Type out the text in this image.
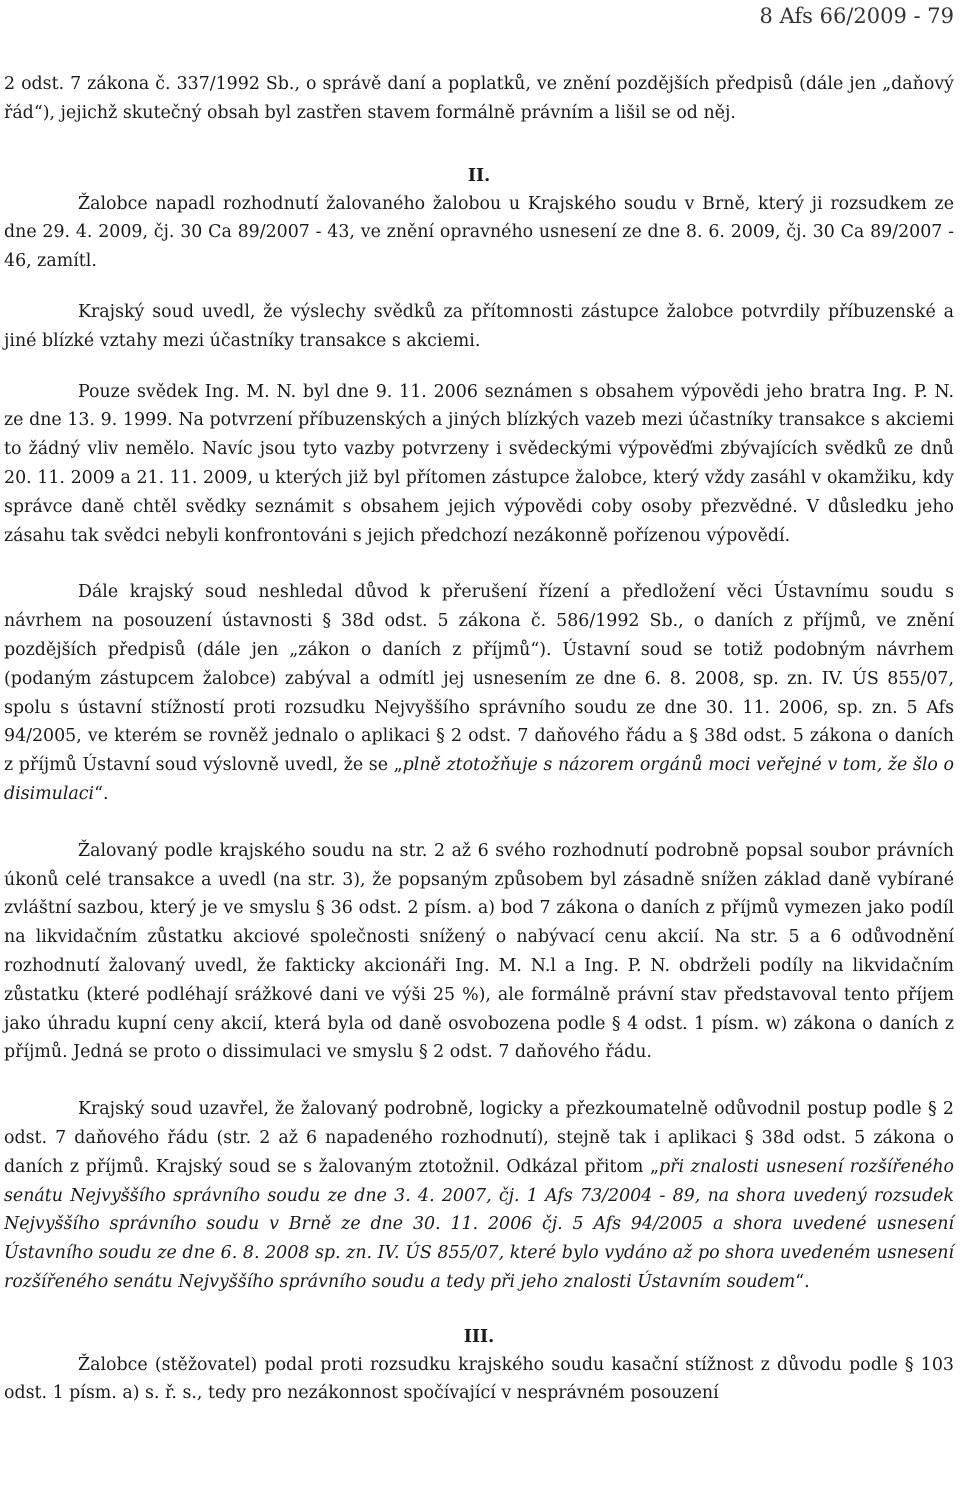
8 Afs 66/2009 - 79

2 odst. 7 zákona č. 337/1992 Sb., o správě daní a poplatků, ve znění pozdějších předpisů (dále jen „daňový řád“), jejichž skutečný obsah byl zastřen stavem formálně právním a lišil se od něj.

II.

Žalobce napadl rozhodnutí žalovaného žalobou u Krajského soudu v Brně, který ji rozsudkem ze dne 29. 4. 2009, čj. 30 Ca 89/2007 - 43, ve znění opravného usnesení ze dne 8. 6. 2009, čj. 30 Ca 89/2007 - 46, zamítl.

Krajský soud uvedl, že výslechy svědků za přítomnosti zástupce žalobce potvrdily příbuzenské a jiné blízké vztahy mezi účastníky transakce s akciemi.

Pouze svědek Ing. M. N. byl dne 9. 11. 2006 seznámen s obsahem výpovědi jeho bratra Ing. P. N. ze dne 13. 9. 1999. Na potvrzení příbuzenských a jiných blízkých vazeb mezi účastníky transakce s akciemi to žádný vliv nemělo. Navíc jsou tyto vazby potvrzeny i svědeckými výpověďmi zbývajících svědků ze dnů 20. 11. 2009 a 21. 11. 2009, u kterých již byl přítomen zástupce žalobce, který vždy zasáhl v okamžiku, kdy správce daně chtěl svědky seznámit s obsahem jejich výpovědi coby osoby přezvědné. V důsledku jeho zásahu tak svědci nebyli konfrontováni s jejich předchozí nezákonně pořízenou výpovědí.

Dále krajský soud neshledal důvod k přerušení řízení a předložení věci Ústavnímu soudu s návrhem na posouzení ústavnosti § 38d odst. 5 zákona č. 586/1992 Sb., o daních z příjmů, ve znění pozdějších předpisů (dále jen „zákon o daních z příjmů“). Ústavní soud se totiž podobným návrhem (podaným zástupcem žalobce) zabýval a odmítl jej usnesením ze dne 6. 8. 2008, sp. zn. IV. ÚS 855/07, spolu s ústavní stížností proti rozsudku Nejvyššího správního soudu ze dne 30. 11. 2006, sp. zn. 5 Afs 94/2005, ve kterém se rovněž jednalo o aplikaci § 2 odst. 7 daňového řádu a § 38d odst. 5 zákona o daních z příjmů Ústavní soud výslovně uvedl, že se „plně ztotožňuje s názorem orgánů moci veřejné v tom, že šlo o disimulaci“.

Žalovaný podle krajského soudu na str. 2 až 6 svého rozhodnutí podrobně popsal soubor právních úkonů celé transakce a uvedl (na str. 3), že popsaným způsobem byl zásadně snížen základ daně vybírané zvláštní sazbou, který je ve smyslu § 36 odst. 2 písm. a) bod 7 zákona o daních z příjmů vymezen jako podíl na likvidačním zůstatku akciové společnosti snížený o nabývací cenu akcií. Na str. 5 a 6 odůvodnění rozhodnutí žalovaný uvedl, že fakticky akcionáři Ing. M. N.l a Ing. P. N. obdrželi podíly na likvidačním zůstatku (které podléhají srážkové dani ve výši 25 %), ale formálně právní stav představoval tento příjem jako úhradu kupní ceny akcií, která byla od daně osvobozena podle § 4 odst. 1 písm. w) zákona o daních z příjmů. Jedná se proto o dissimulaci ve smyslu § 2 odst. 7 daňového řádu.

Krajský soud uzavřel, že žalovaný podrobně, logicky a přezkoumatelně odůvodnil postup podle § 2 odst. 7 daňového řádu (str. 2 až 6 napadeného rozhodnutí), stejně tak i aplikaci § 38d odst. 5 zákona o daních z příjmů. Krajský soud se s žalovaným ztotožnil. Odkázal přitom „při znalosti usnesení rozšířeného senátu Nejvyššího správního soudu ze dne 3. 4. 2007, čj. 1 Afs 73/2004 - 89, na shora uvedený rozsudek Nejvyššího správního soudu v Brně ze dne 30. 11. 2006 čj. 5 Afs 94/2005 a shora uvedené usnesení Ústavního soudu ze dne 6. 8. 2008 sp. zn. IV. ÚS 855/07, které bylo vydáno až po shora uvedeném usnesení rozšířeného senátu Nejvyššího správního soudu a tedy při jeho znalosti Ústavním soudem“.

III.

Žalobce (stěžovatel) podal proti rozsudku krajského soudu kasační stížnost z důvodu podle § 103 odst. 1 písm. a) s. ř. s., tedy pro nezákonnost spočívající v nesprávném posouzení
